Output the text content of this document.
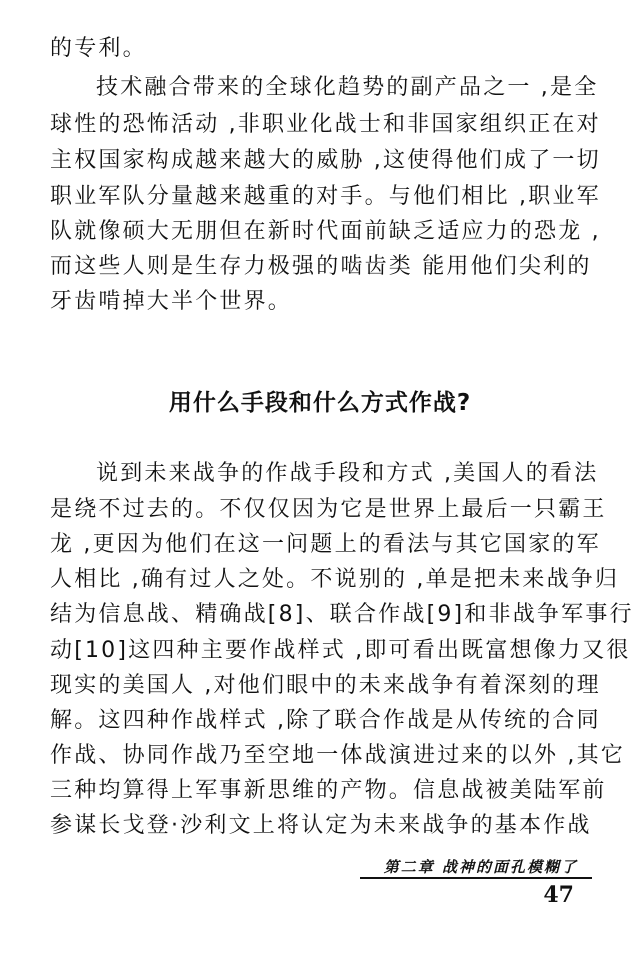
的专利。
技术融合带来的全球化趋势的副产品之一 ,是全
球性的恐怖活动 ,非职业化战士和非国家组织正在对
主权国家构成越来越大的威胁 ,这使得他们成了一切
职业军队分量越来越重的对手。与他们相比 ,职业军
队就像硕大无朋但在新时代面前缺乏适应力的恐龙 ,
而这些人则是生存力极强的啮齿类 能用他们尖利的
牙齿啃掉大半个世界。
用什么手段和什么方式作战?
说到未来战争的作战手段和方式 ,美国人的看法
是绕不过去的。不仅仅因为它是世界上最后一只霸王
龙 ,更因为他们在这一问题上的看法与其它国家的军
人相比 ,确有过人之处。不说别的 ,单是把未来战争归
结为信息战、精确战[8]、联合作战[9]和非战争军事行
动[10]这四种主要作战样式 ,即可看出既富想像力又很
现实的美国人 ,对他们眼中的未来战争有着深刻的理
解。这四种作战样式 ,除了联合作战是从传统的合同
作战、协同作战乃至空地一体战演进过来的以外 ,其它
三种均算得上军事新思维的产物。信息战被美陆军前
参谋长戈登·沙利文上将认定为未来战争的基本作战
第二章 战神的面孔模糊了
47
